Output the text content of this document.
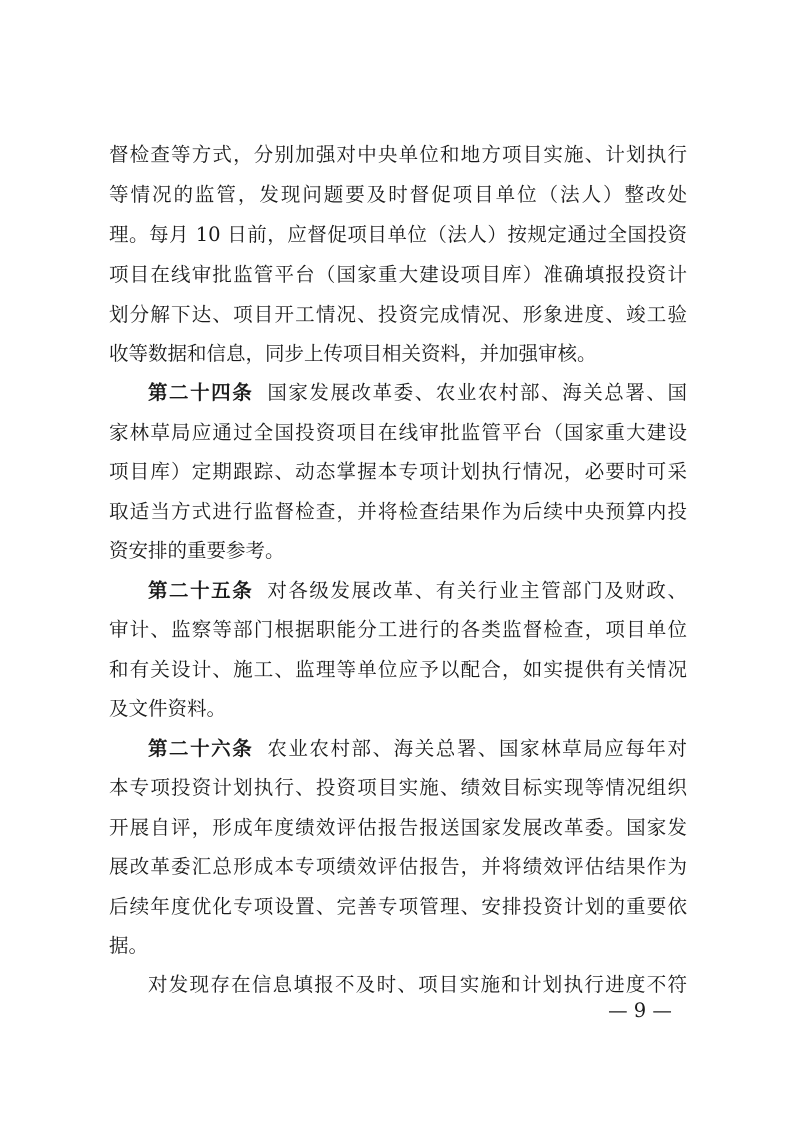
督检查等方式，分别加强对中央单位和地方项目实施、计划执行
等情况的监管，发现问题要及时督促项目单位（法人）整改处
理。每月 10 日前，应督促项目单位（法人）按规定通过全国投资
项目在线审批监管平台（国家重大建设项目库）准确填报投资计
划分解下达、项目开工情况、投资完成情况、形象进度、竣工验
收等数据和信息，同步上传项目相关资料，并加强审核。
第二十四条 国家发展改革委、农业农村部、海关总署、国
家林草局应通过全国投资项目在线审批监管平台（国家重大建设
项目库）定期跟踪、动态掌握本专项计划执行情况，必要时可采
取适当方式进行监督检查，并将检查结果作为后续中央预算内投
资安排的重要参考。
第二十五条 对各级发展改革、有关行业主管部门及财政、
审计、监察等部门根据职能分工进行的各类监督检查，项目单位
和有关设计、施工、监理等单位应予以配合，如实提供有关情况
及文件资料。
第二十六条 农业农村部、海关总署、国家林草局应每年对
本专项投资计划执行、投资项目实施、绩效目标实现等情况组织
开展自评，形成年度绩效评估报告报送国家发展改革委。国家发
展改革委汇总形成本专项绩效评估报告，并将绩效评估结果作为
后续年度优化专项设置、完善专项管理、安排投资计划的重要依
据。
对发现存在信息填报不及时、项目实施和计划执行进度不符
— 9 —
